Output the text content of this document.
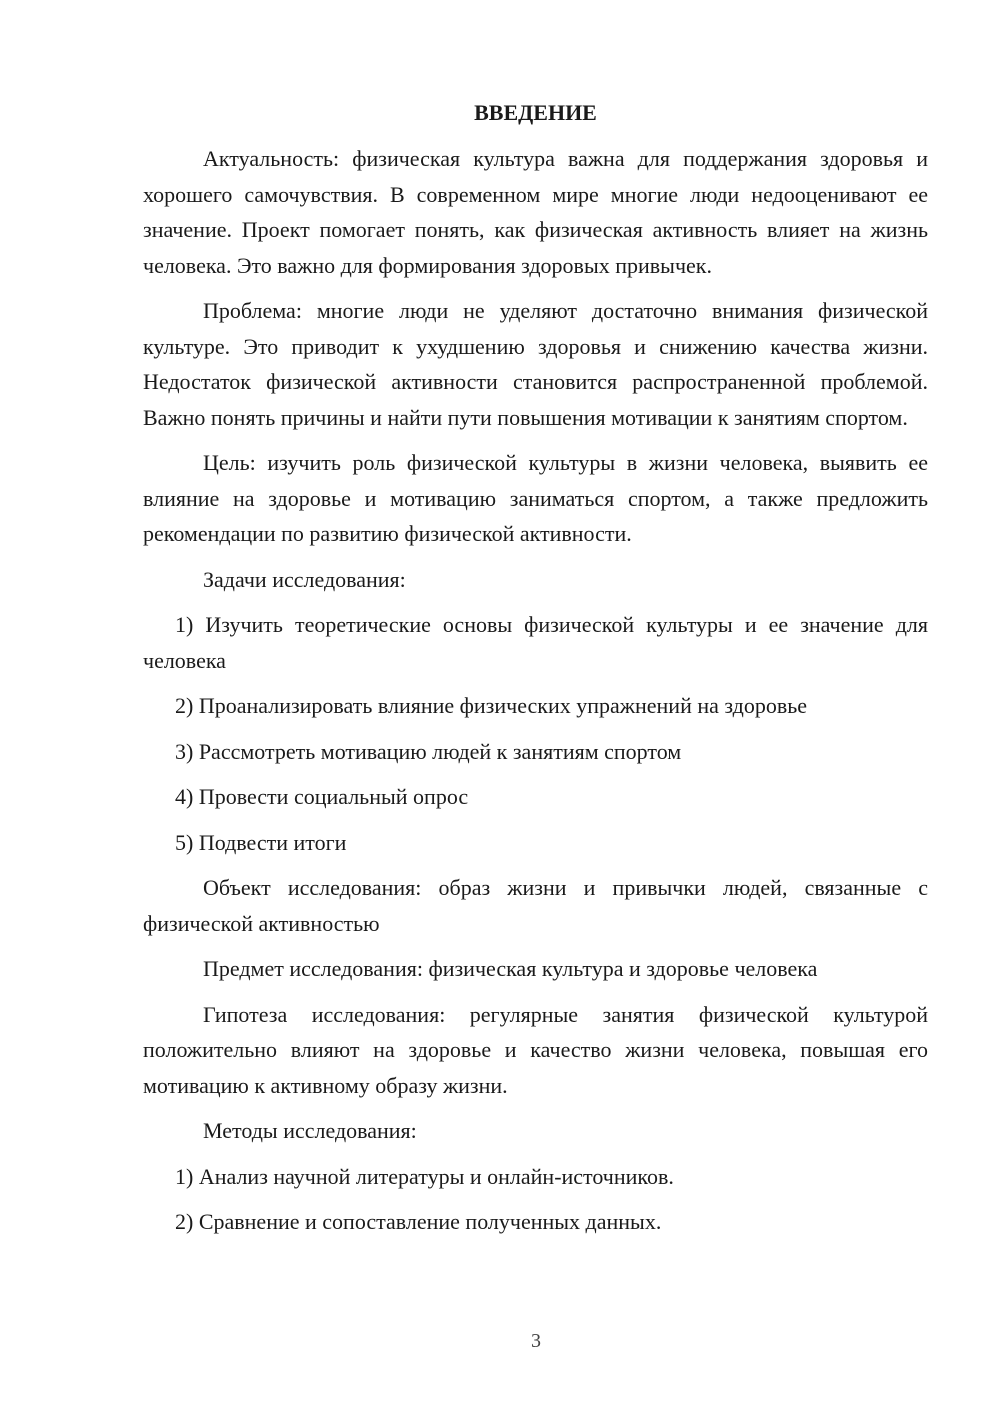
ВВЕДЕНИЕ

Актуальность: физическая культура важна для поддержания здоровья и хорошего самочувствия. В современном мире многие люди недооценивают ее значение. Проект помогает понять, как физическая активность влияет на жизнь человека. Это важно для формирования здоровых привычек.

Проблема: многие люди не уделяют достаточно внимания физической культуре. Это приводит к ухудшению здоровья и снижению качества жизни. Недостаток физической активности становится распространенной проблемой. Важно понять причины и найти пути повышения мотивации к занятиям спортом.

Цель: изучить роль физической культуры в жизни человека, выявить ее влияние на здоровье и мотивацию заниматься спортом, а также предложить рекомендации по развитию физической активности.

Задачи исследования:

1) Изучить теоретические основы физической культуры и ее значение для человека

2) Проанализировать влияние физических упражнений на здоровье

3) Рассмотреть мотивацию людей к занятиям спортом

4) Провести социальный опрос

5) Подвести итоги

Объект исследования: образ жизни и привычки людей, связанные с физической активностью

Предмет исследования: физическая культура и здоровье человека

Гипотеза исследования: регулярные занятия физической культурой положительно влияют на здоровье и качество жизни человека, повышая его мотивацию к активному образу жизни.

Методы исследования:

1) Анализ научной литературы и онлайн-источников.

2) Сравнение и сопоставление полученных данных.

3
